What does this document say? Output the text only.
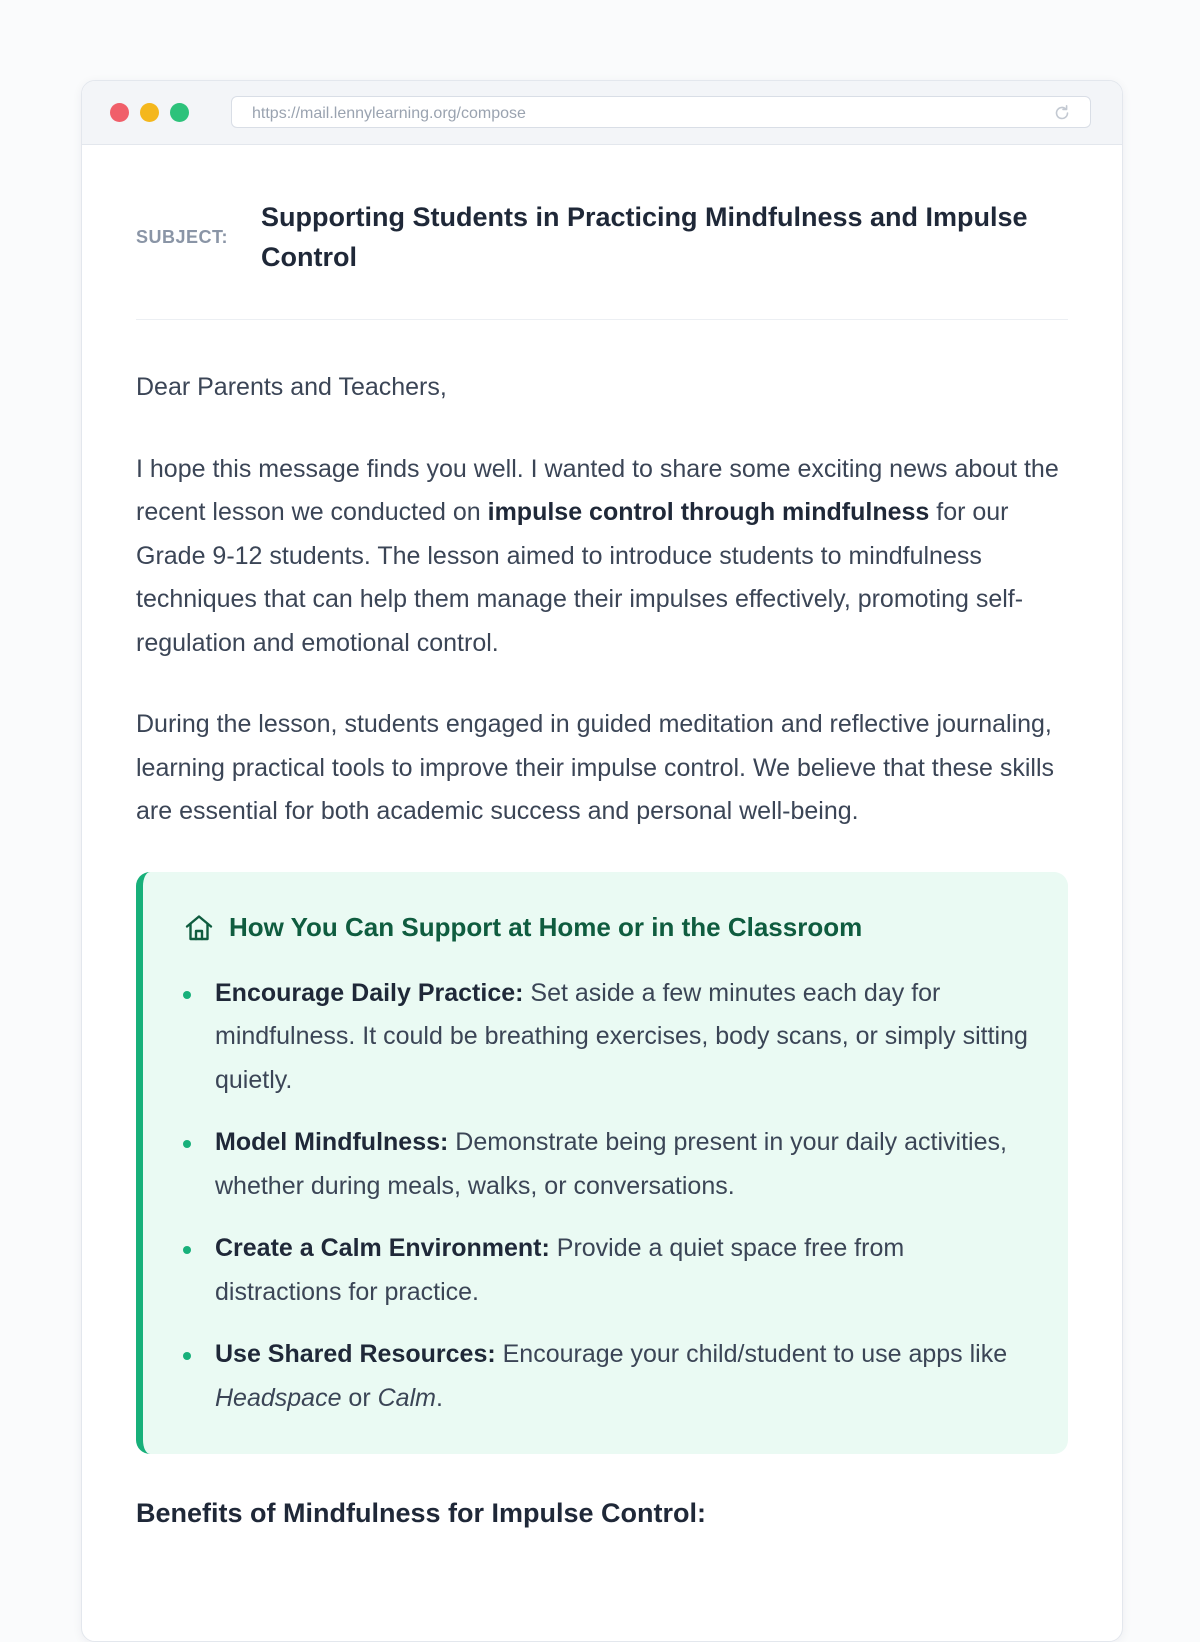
https://mail.lennylearning.org/compose
SUBJECT:
Supporting Students in Practicing Mindfulness and Impulse Control
Dear Parents and Teachers,
I hope this message finds you well. I wanted to share some exciting news about the recent lesson we conducted on impulse control through mindfulness for our Grade 9-12 students. The lesson aimed to introduce students to mindfulness techniques that can help them manage their impulses effectively, promoting self-regulation and emotional control.
During the lesson, students engaged in guided meditation and reflective journaling, learning practical tools to improve their impulse control. We believe that these skills are essential for both academic success and personal well-being.
How You Can Support at Home or in the Classroom
Encourage Daily Practice: Set aside a few minutes each day for mindfulness. It could be breathing exercises, body scans, or simply sitting quietly.
Model Mindfulness: Demonstrate being present in your daily activities, whether during meals, walks, or conversations.
Create a Calm Environment: Provide a quiet space free from distractions for practice.
Use Shared Resources: Encourage your child/student to use apps like Headspace or Calm.
Benefits of Mindfulness for Impulse Control:
